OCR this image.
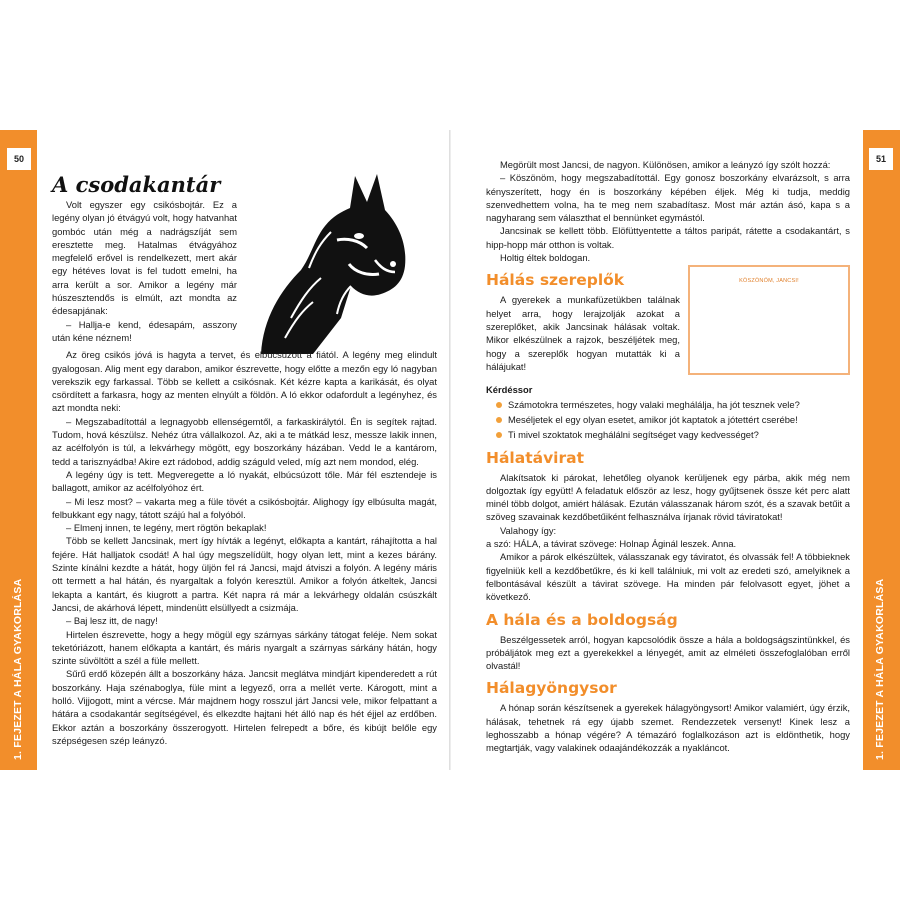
50	51
A csodakantár

Volt egyszer egy csikósbojtár. Ez a legény olyan jó étvágyú volt, hogy hatvanhat gombóc után még a nadrágszíját sem eresztette meg. Hatalmas étvágyához megfelelő erővel is rendelkezett, mert akár egy hétéves lovat is fel tudott emelni, ha arra került a sor. Amikor a legény már húszesztendős is elmúlt, azt mondta az édesapjának:

– Hallja-e kend, édesapám, asszony után kéne néznem!

Az öreg csikós jóvá is hagyta a tervet, és elbúcsúzott a fiától. A legény meg elindult gyalogosan. Alig ment egy darabon, amikor észrevette, hogy előtte a mezőn egy ló nagyban verekszik egy farkassal. Több se kellett a csikósnak. Két kézre kapta a karikását, és olyat csördített a farkasra, hogy az menten elnyúlt a földön. A ló ekkor odafordult a legényhez, és azt mondta neki:

– Megszabadítottál a legnagyobb ellenségemtől, a farkaskirálytól. Én is segítek rajtad. Tudom, hová készülsz. Nehéz útra vállalkozol. Az, aki a te mátkád lesz, messze lakik innen, az acélfolyón is túl, a lekvárhegy mögött, egy boszorkány házában. Vedd le a kantárom, tedd a tarisznyádba! Akire ezt rádobod, addig száguld veled, míg azt nem mondod, elég.

A legény úgy is tett. Megveregette a ló nyakát, elbúcsúzott tőle. Már fél esztendeje is ballagott, amikor az acélfolyóhoz ért.

– Mi lesz most? – vakarta meg a füle tövét a csikósbojtár. Alighogy így elbúsulta magát, felbukkant egy nagy, tátott szájú hal a folyóból.

– Elmenj innen, te legény, mert rögtön bekaplak!

Több se kellett Jancsinak, mert így hívták a legényt, előkapta a kantárt, ráhajította a hal fejére. Hát halljatok csodát! A hal úgy megszelídült, hogy olyan lett, mint a kezes bárány. Szinte kínálni kezdte a hátát, hogy üljön fel rá Jancsi, majd átviszi a folyón. A legény máris ott termett a hal hátán, és nyargaltak a folyón keresztül. Amikor a folyón átkeltek, Jancsi lekapta a kantárt, és kiugrott a partra. Két napra rá már a lekvárhegy oldalán csúszkált Jancsi, de akárhová lépett, mindenütt elsüllyedt a csizmája.

– Baj lesz itt, de nagy!

Hirtelen észrevette, hogy a hegy mögül egy szárnyas sárkány tátogat feléje. Nem sokat teketóriázott, hanem előkapta a kantárt, és máris nyargalt a szárnyas sárkány hátán, hogy szinte süvöltött a szél a füle mellett.

Sűrű erdő közepén állt a boszorkány háza. Jancsit meglátva mindjárt kipenderedett a rút boszorkány. Haja szénaboglya, füle mint a legyező, orra a mellét verte. Károgott, mint a holló. Vijjogott, mint a vércse. Már majdnem hogy rosszul járt Jancsi vele, mikor felpattant a hátára a csodakantár segítségével, és elkezdte hajtani hét álló nap és hét éjjel az erdőben. Ekkor aztán a boszorkány összerogyott. Hirtelen felrepedt a bőre, és kibújt belőle egy szépségesen szép leányzó.

Megörült most Jancsi, de nagyon. Különösen, amikor a leányzó így szólt hozzá:

– Köszönöm, hogy megszabadítottál. Egy gonosz boszorkány elvarázsolt, s arra kényszerített, hogy én is boszorkány képében éljek. Még ki tudja, meddig szenvedhettem volna, ha te meg nem szabadítasz. Most már aztán ásó, kapa s a nagyharang sem választhat el bennünket egymástól.

Jancsinak se kellett több. Elöfüttyentette a táltos paripát, rátette a csodakantárt, s hipp-hopp már otthon is voltak.

Holtig éltek boldogan.

Hálás szereplők	KÖSZÖNÖM, JANCSI!

A gyerekek a munkafüzetükben találnak helyet arra, hogy lerajzolják azokat a szereplőket, akik Jancsinak hálásak voltak. Mikor elkészülnek a rajzok, beszéljétek meg, hogy a szereplők hogyan mutatták ki a hálájukat!

Kérdéssor
Számotokra természetes, hogy valaki meghálálja, ha jót tesznek vele?
Meséljetek el egy olyan esetet, amikor jót kaptatok a jótettért cserébe!
Ti mivel szoktatok meghálálni segítséget vagy kedvességet?
Hálatávirat

Alakítsatok ki párokat, lehetőleg olyanok kerüljenek egy párba, akik még nem dolgoztak így együtt! A feladatuk először az lesz, hogy gyűjtsenek össze két perc alatt minél több dolgot, amiért hálásak. Ezután válasszanak három szót, és a szavak betűit a szöveg szavainak kezdőbetűiként felhasználva írjanak rövid táviratokat!

Valahogy így:

a szó: HÁLA, a távirat szövege: Holnap Áginál leszek. Anna.

Amikor a párok elkészültek, válasszanak egy táviratot, és olvassák fel! A többieknek figyelniük kell a kezdőbetűkre, és ki kell találniuk, mi volt az eredeti szó, amelyiknek a felbontásával készült a távirat szövege. Ha minden pár felolvasott egyet, jöhet a következő.

A hála és a boldogság

Beszélgessetek arról, hogyan kapcsolódik össze a hála a boldogságszintünkkel, és próbáljátok meg ezt a gyerekekkel a lényegét, amit az elméleti összefoglalóban erről olvastál!

Hálagyöngysor

A hónap során készítsenek a gyerekek hálagyöngysort! Amikor valamiért, úgy érzik, hálásak, tehetnek rá egy újabb szemet. Rendezzetek versenyt! Kinek lesz a leghosszabb a hónap végére? A témazáró foglalkozáson azt is eldönthetik, hogy megtartják, vagy valakinek odaajándékozzák a nyakláncot.
